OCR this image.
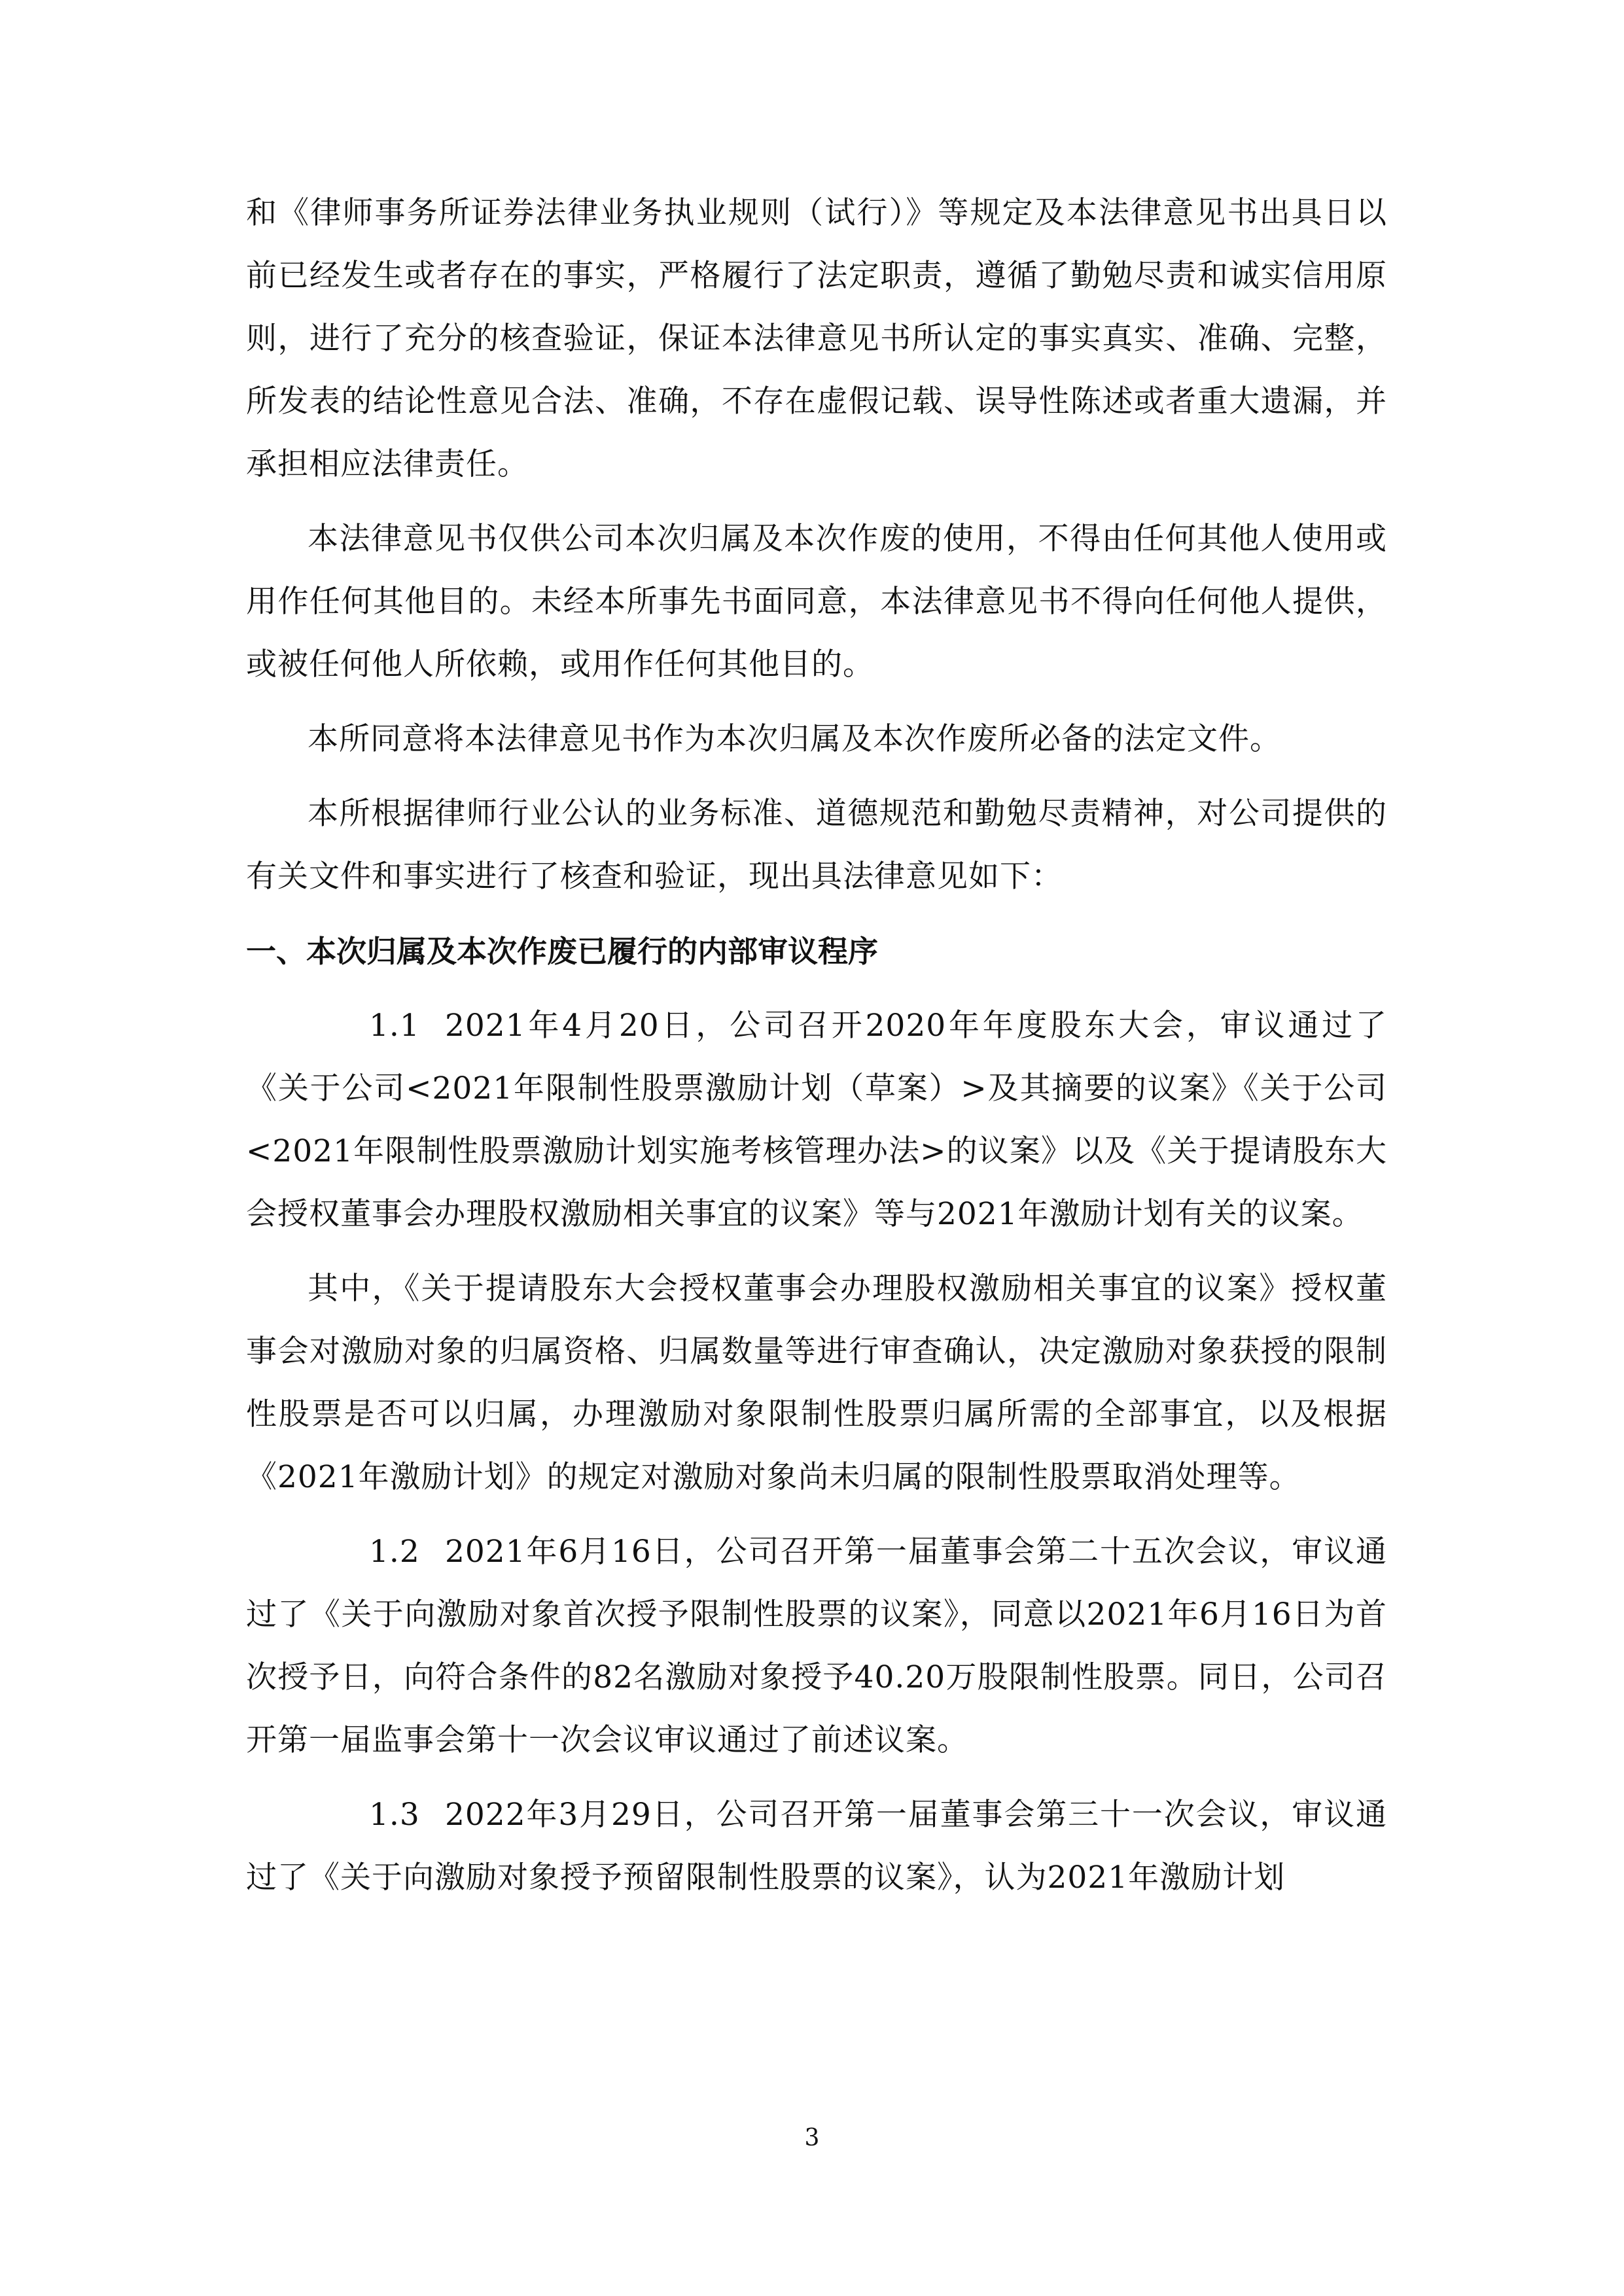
和《律师事务所证券法律业务执业规则（试行）》等规定及本法律意见书出具日以前已经发生或者存在的事实，严格履行了法定职责，遵循了勤勉尽责和诚实信用原则，进行了充分的核查验证，保证本法律意见书所认定的事实真实、准确、完整，所发表的结论性意见合法、准确，不存在虚假记载、误导性陈述或者重大遗漏，并承担相应法律责任。

本法律意见书仅供公司本次归属及本次作废的使用，不得由任何其他人使用或用作任何其他目的。未经本所事先书面同意，本法律意见书不得向任何他人提供，或被任何他人所依赖，或用作任何其他目的。

本所同意将本法律意见书作为本次归属及本次作废所必备的法定文件。

本所根据律师行业公认的业务标准、道德规范和勤勉尽责精神，对公司提供的有关文件和事实进行了核查和验证，现出具法律意见如下：

一、本次归属及本次作废已履行的内部审议程序

1.1 2021年4月20日，公司召开2020年年度股东大会，审议通过了《关于公司<2021年限制性股票激励计划（草案）>及其摘要的议案》《关于公司<2021年限制性股票激励计划实施考核管理办法>的议案》以及《关于提请股东大会授权董事会办理股权激励相关事宜的议案》等与2021年激励计划有关的议案。

其中，《关于提请股东大会授权董事会办理股权激励相关事宜的议案》授权董事会对激励对象的归属资格、归属数量等进行审查确认，决定激励对象获授的限制性股票是否可以归属，办理激励对象限制性股票归属所需的全部事宜，以及根据《2021年激励计划》的规定对激励对象尚未归属的限制性股票取消处理等。

1.2 2021年6月16日，公司召开第一届董事会第二十五次会议，审议通过了《关于向激励对象首次授予限制性股票的议案》，同意以2021年6月16日为首次授予日，向符合条件的82名激励对象授予40.20万股限制性股票。同日，公司召开第一届监事会第十一次会议审议通过了前述议案。

1.3 2022年3月29日，公司召开第一届董事会第三十一次会议，审议通过了《关于向激励对象授予预留限制性股票的议案》，认为2021年激励计划

3
